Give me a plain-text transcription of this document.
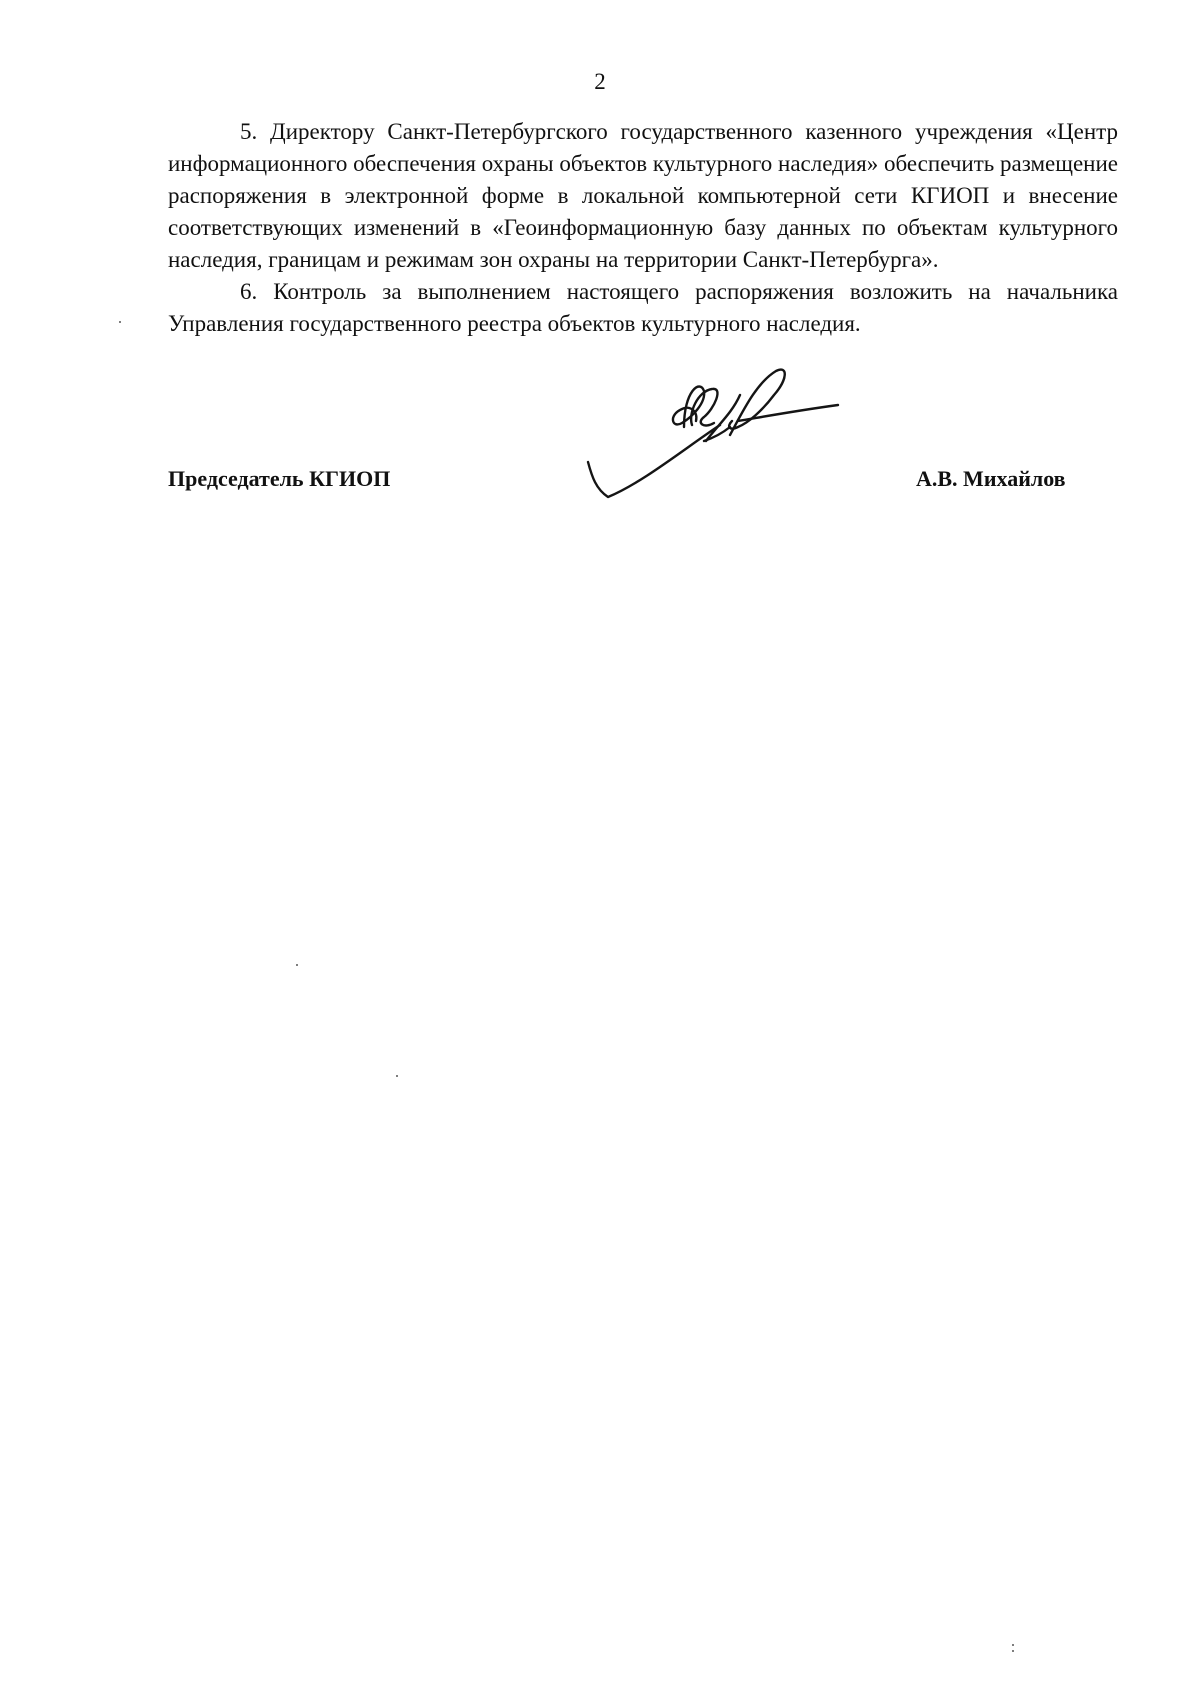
2

5. Директору Санкт-Петербургского государственного казенного учреждения «Центр информационного обеспечения охраны объектов культурного наследия» обеспечить размещение распоряжения в электронной форме в локальной компьютерной сети КГИОП и внесение соответствующих изменений в «Геоинформационную базу данных по объектам культурного наследия, границам и режимам зон охраны на территории Санкт-Петербурга».

6. Контроль за выполнением настоящего распоряжения возложить на начальника Управления государственного реестра объектов культурного наследия.

Председатель КГИОП	А.В. Михайлов
